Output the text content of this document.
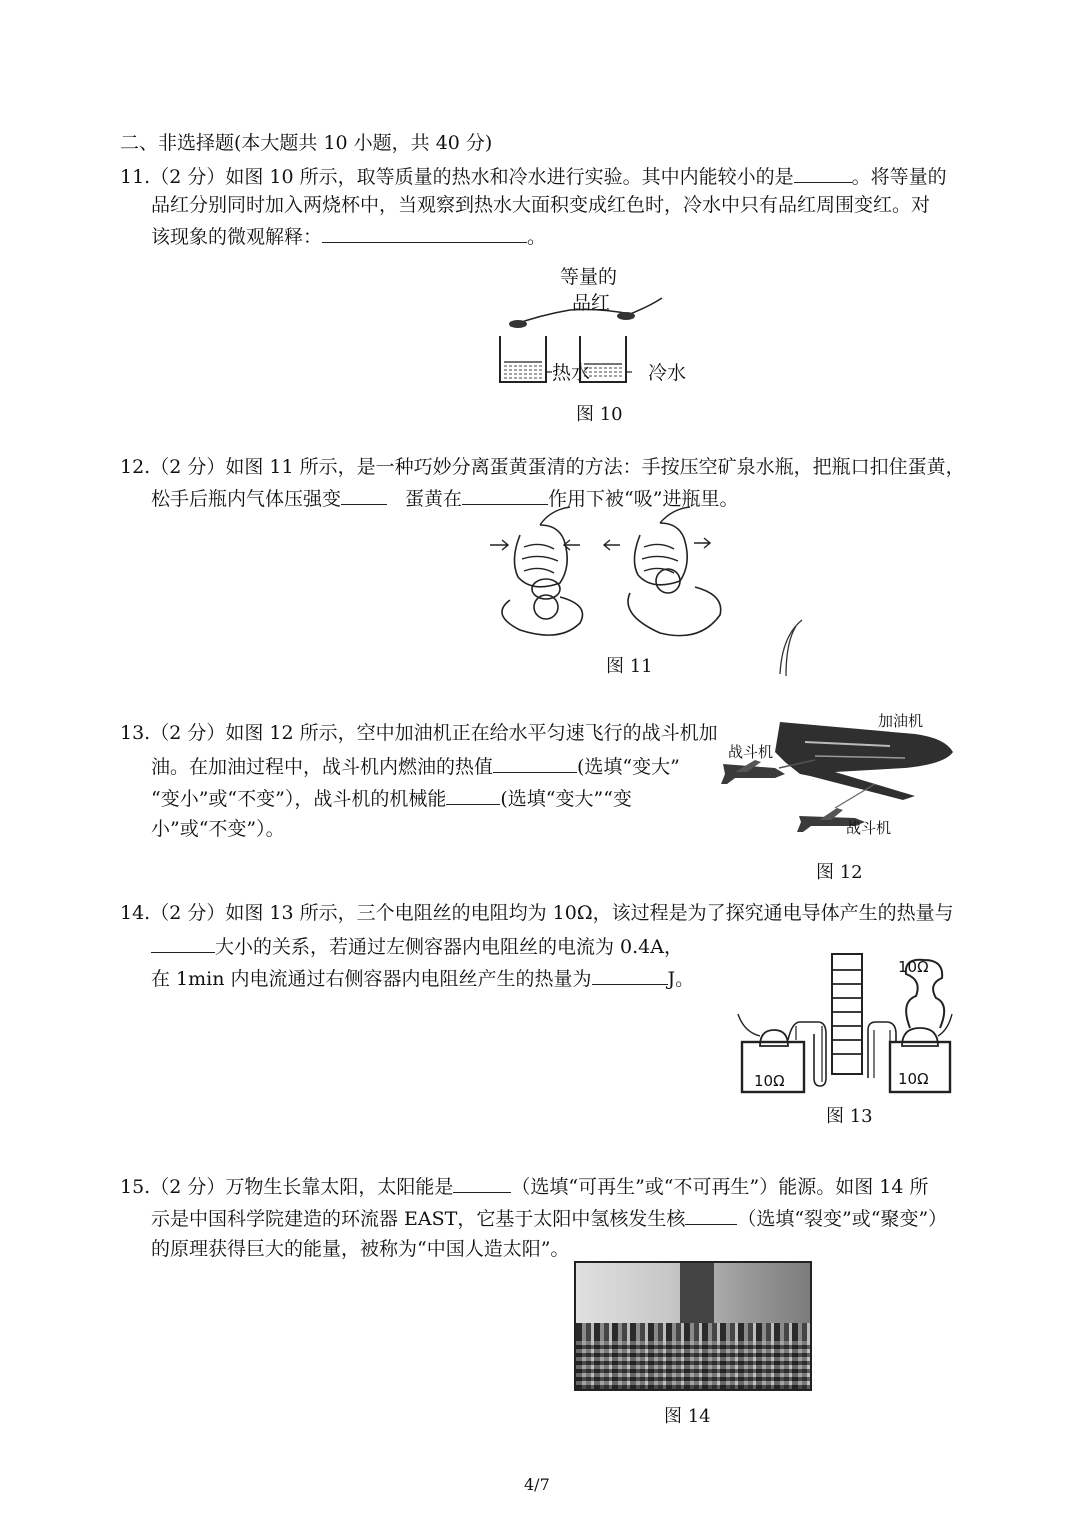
二、非选择题(本大题共 10 小题，共 40 分)
11.（2 分）如图 10 所示，取等质量的热水和冷水进行实验。其中内能较小的是	。将等量的
品红分别同时加入两烧杯中，当观察到热水大面积变成红色时，冷水中只有品红周围变红。对
该现象的微观解释：	。
等量的
品红
热水	冷水
图 10
12.（2 分）如图 11 所示，是一种巧妙分离蛋黄蛋清的方法：手按压空矿泉水瓶，把瓶口扣住蛋黄，
松手后瓶内气体压强变	蛋黄在	作用下被“吸”进瓶里。
图 11
13.（2 分）如图 12 所示，空中加油机正在给水平匀速飞行的战斗机加
油。在加油过程中，战斗机内燃油的热值	(选填“变大”
“变小”或“不变”），战斗机的机械能	(选填“变大”“变
小”或“不变”）。
加油机
战斗机
战斗机
图 12
14.（2 分）如图 13 所示，三个电阻丝的电阻均为 10Ω，该过程是为了探究通电导体产生的热量与
大小的关系，若通过左侧容器内电阻丝的电流为 0.4A，
在 1min 内电流通过右侧容器内电阻丝产生的热量为	J。
10Ω
10Ω	10Ω
图 13
15.（2 分）万物生长靠太阳，太阳能是	（选填“可再生”或“不可再生”）能源。如图 14 所
示是中国科学院建造的环流器 EAST，它基于太阳中氢核发生核	（选填“裂变”或“聚变”）
的原理获得巨大的能量，被称为“中国人造太阳”。
图 14
4/7
